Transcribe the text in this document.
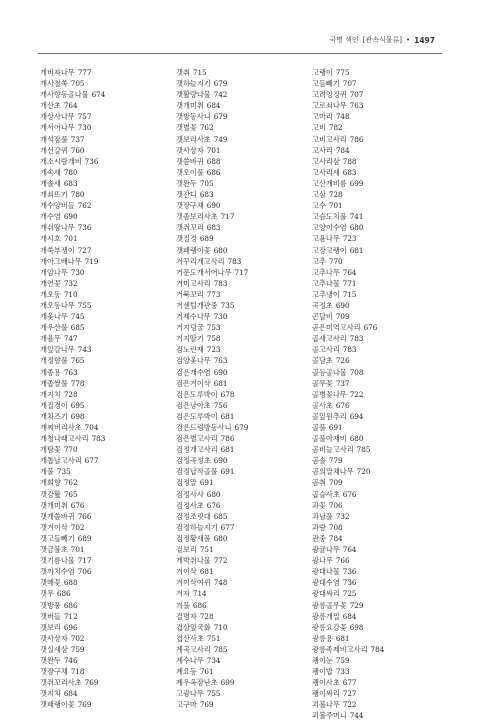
국명 색인 [관속식물류] • 1497
개비자나무 777
개사철쑥 705
개사향등골나물 674
개산초 764
개상사나무 757
개서어나무 730
개석잠풀 737
개선갈퀴 760
개소시랑개비 736
개속새 780
개솔새 683
개쇠뜨기 780
개수양버들 762
개수염 690
개쉬땅나무 736
개시호 701
개쑥부쟁이 727
개아그배나무 719
개암나무 730
개연꽃 732
개오동 710
개오동나무 755
개옻나무 745
개우산풀 685
개율무 747
개잎갈나무 743
개정향풀 765
개종용 763
개좁쌀풀 778
개지치 728
개질경이 695
개차즈기 698
개찌버리사초 704
개청나래고사리 783
개탐꽃 770
개톱날고사리 677
개풀 735
개회향 762
갯강활 765
갯개미취 676
갯개씀바귀 766
갯겨이삭 702
갯고들빼기 689
갯금불초 701
갯기름나물 717
갯까치수염 706
갯메꽃 688
갯무 686
갯방풍 686
갯버들 712
갯보리 696
갯사상자 702
갯실새삼 759
갯완두 746
갯장구채 718
갯쥐꼬리사초 769
갯지치 684
갯패랭이꽃 769
갯취 715
갯하늘지기 679
갯활량나물 742
갯개미취 684
갯방동사니 679
갯별꽃 762
갯보리사초 749
갯사상자 701
갯씀바귀 688
갯오이풀 686
갯완두 705
갯잔디 683
갯장구채 690
갯좀보리사초 717
갯쥐꼬리 683
갯질경 689
갯패랭이꽃 680
거꾸리개고사리 783
거문도개서어나무 717
거미고사리 783
거북꼬리 773
거센털개관중 735
거제수나무 730
거지덩굴 753
거지딸기 758
검노린재 723
검양옻나무 763
검은개수염 690
검은겨이삭 681
검은도루박이 678
검은낭아초 756
검은도루박이 681
검은드렁방동사니 679
검은별고사리 786
검정개고사리 681
검정곡정초 690
검정납작골풀 691
검정말 691
검정사사 680
검정사초 676
검정조릿대 685
검정하늘지기 677
검정황새풀 680
겉보리 751
게박쥐나물 772
겨이삭 681
겨이삭여뀌 748
겨자 714
겨풀 686
결명자 728
겹삼잎국화 710
겹산사초 751
계곡고사리 785
계수나무 734
계요등 761
계우옥잠난초 699
고광나무 755
고구마 769
고랭이 775
고들빼기 707
고려엉겅퀴 707
고로쇠나무 763
고마리 748
고비 782
고비고사리 786
고사리 784
고사리삼 788
고사리새 683
고산개비름 699
고삼 728
고수 701
고슴도치풀 741
고양이수염 680
고욤나무 723
고장고랭이 681
고추 770
고추나무 764
고추나물 771
고추냉이 715
곡정초 690
곤달비 709
곧은미역고사리 676
곱새고사리 783
골고사리 783
골담초 726
골등골나물 708
골무꽃 737
골병꽃나무 722
골사초 676
골잎원추리 694
골풀 691
골풀아재비 680
곰비늘고사리 785
곰솔 779
곰의말채나무 720
곰취 709
곱슬사초 676
과꽃 706
과남풀 732
과랑 708
관중 784
광귤나무 764
광나무 766
광대나물 736
광대수염 736
광대싸리 725
광릉골무꽃 729
광릉개밀 684
광릉요강꽃 698
광릉용 681
광릉족제비고사리 784
괭이눈 759
괭이밥 733
괭이사초 677
괭이싸리 727
괴불나무 722
괴불주머니 744
